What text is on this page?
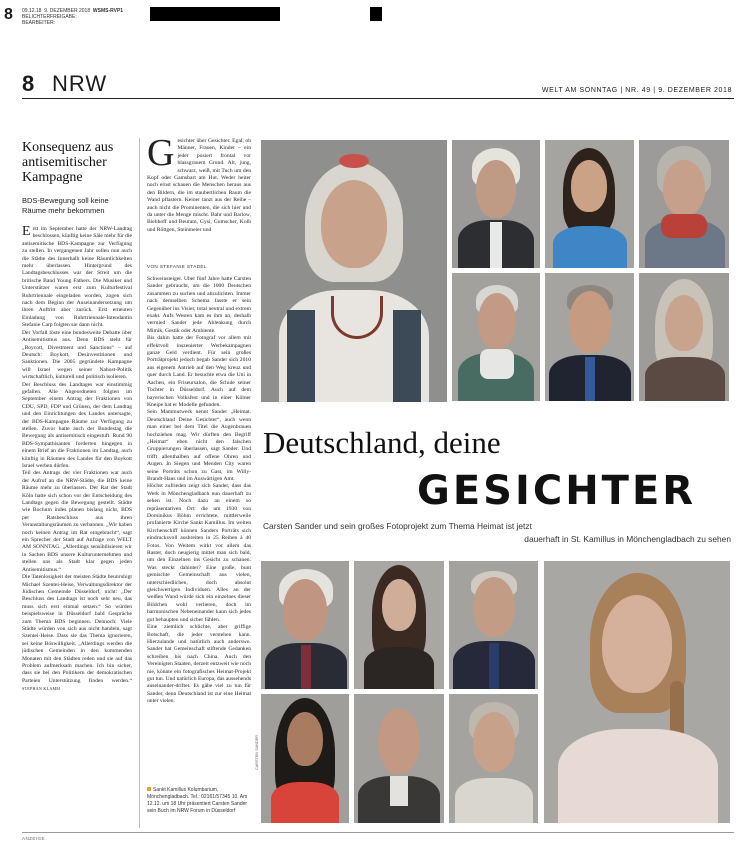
8 09.12.18 9. DEZEMBER 2018 WSMS-RVP1
BELICHTERFREIGABE:
BEARBEITER:
8 NRW	WELT AM SONNTAG | NR. 49 | 9. DEZEMBER 2018
Konsequenz aus antisemitischer Kampagne
BDS-Bewegung soll keine Räume mehr bekommen

Erst im September hatte der NRW-Landtag beschlossen, künftig keine Säle mehr für die antisemitische BDS-Kampagne zur Verfügung zu stellen. In vergangenen Jahr sollen nun auch die Städte des Innerhalb keine Räumlichkeiten mehr überlassen. Hintergrund des Landtagsbeschlusses war der Streit um die britische Band Young Fathers. Die Musiker und Unterstützer waren erst zum Kulturfestival Ruhrtriennale eingeladen worden, zogen sich nach dem Beginn der Auseinandersetzung um ihren Auftritt aber zurück. Erst erneuten Einladung von Ruhrtriennale-Intendantin Stefanie Carp folgten sie dann nicht.

Der Vorfall löste eine bundesweite Debatte über Antisemitismus aus. Denn BDS steht für „Boycott, Divestment und Sanctions“ – auf Deutsch: Boykott, Desinvestitionen und Sanktionen. Die 2005 gegründete Kampagne will Israel wegen seiner Nahost-Politik wirtschaftlich, kulturell und politisch isolieren.

Der Beschluss des Landtages war einstimmig gefallen. Alle Abgeordneten folgten im September einem Antrag der Fraktionen von CDU, SPD, FDP und Grünen, der dem Landtag und den Einrichtungen des Landes untersagte, der BDS-Kampagne Räume zur Verfügung zu stellen. Zuvor hatte auch der Bundestag die Bewegung als antisemitisch eingestuft. Rund 90 BDS-Sympathisanten forderten hingegen in einem Brief an die Fraktionen im Landtag, auch künftig in Räumen des Landes für den Boykott Israel werben dürfen.

Teil des Antrags der vier Fraktionen war auch der Aufruf an die NRW-Städte, die BDS keine Räume mehr zu überlassen. Der Rat der Stadt Köln hatte sich schon vor der Entscheidung des Landtags gegen die Bewegung gestellt. Städte wie Bochum indes planen bislang nicht, BDS per Ratsbeschluss aus ihren Veranstaltungsräumen zu verbannen. „Wir haben noch keinen Antrag im Rat eingebracht“, sagt ein Sprecher der Stadt auf Anfrage von WELT AM SONNTAG. „Allerdings sensibilisieren wir in Sachen BDS unsere Kulturunternehmen und stellen uns als Stadt klar gegen jeden Antisemitismus.“

Die Tatenlosigkeit der meisten Städte beunruhigt Michael Szentei-Heise, Verwaltungsdirektor der Jüdischen Gemeinde Düsseldorf, nicht: „Der Beschluss des Landtags ist noch sehr neu, das muss sich erst einmal setzen.“ So würden beispielsweise in Düsseldorf bald Gespräche zum Thema BDS beginnen. Dennoch: Viele Städte würden von sich aus nicht handeln, sagt Szentei-Heise. Dass sie das Thema ignorieren, sei keine Böswilligkeit. „Allerdings werden die jüdischen Gemeinden in den kommenden Monaten mit den Städten reden und sie auf das Problem aufmerksam machen. Ich bin sicher, dass sie bei den Politikern der demokratischen Parteien Unterstützung finden werden.“ STEPHAN KLAMM

Gesichter über Gesichter. Egal, ob Männer, Frauen, Kinder – ein jeder posiert frontal vor blassgrauem Grund. Alt, jung, schwarz, weiß, mit Tuch um den Kopf oder Gamsbart am Hut. Weder heiter noch ernst schauen die Menschen heraus aus den Bildern, die im staubertlichen Raum die Wand pflastern. Keiner tanzt aus der Reihe – auch nicht die Prominenten, die sich hier und da unter die Menge mischt. Bahr und Barlow, Biebhoff und Beuram, Gysi, Gumscher, Kolb und Röttgen, Steinmeier und
VON STEFANIE STADEL

Schweinsteiger. Über fünf Jahre hatte Carsten Sander gebraucht, um die 1000 Deutschen zusammen zu suchen und abzulichten. Immer nach demselben Schema fasste er sein Gegenüber ins Visier, total neutral und extrem exakt. Aufs Westen kam es ihm an, deshalb vermied Sander jede Ablenkung durch Mimik, Gestik oder Ambiente.

Bis dahin hatte der Fotograf vor allem mit effektvoll inszenierter Werbekampagnen ganze Geld verdient. Für sein großes Porträtprojekt jedoch begab Sander sich 2010 aus eigenem Antrieb auf den Weg kreuz und quer durch Land. Er besuchte etwa die Uni in Aachen, ein Friseursalon, die Schule seiner Tochter in Düsseldorf. Auch auf dem bayerischen Volksfest und in einer Kölner Kneipe hat er Modelle gefunden.

Sein Mammutwerk nennt Sander „Heimat. Deutschland Deine Gesichter“, auch wenn man einer bei dem Titel die Augenbrauen hochziehen mag. Wir dürften den Begriff „Heimat“ eben nicht den falschen Gruppierungen überlassen, sagt Sander. Und trifft allenthalben auf offene Ohren und Augen. In Siegen und Menden City waren seine Porträts schon zu Gast, im Willy-Brandt-Haus und im Auswärtigen Amt.

Höchst zufrieden zeigt sich Sander, dass das Werk in Mönchengladbach nun dauerhaft zu sehen ist. Noch dazu an einem so repräsentativen Ort: die um 1930 von Dominikus Böhm errichtete, mittlerweile profanierte Kirche Sankt Kamillus. Im weiten Kirchenschiff können Sanders Porträts sich eindrucksvoll ausbreiten in 25 Reihen à 40 Fotos. Von Weitem wirkt vor allem das Raster, doch neugierig mittet man sich bald, um den Einzelnen ins Gesicht zu schauen. Was steckt dahinter? Eine große, bunt gemischte Gemeinschaft aus vielen, unterschiedlichen, doch absolut gleichwertigen Individuen. Alles an der weißen Wand würde sich ein einzelnes dieser Bildchen wohl verlieren, doch im harmonischen Nebeneinander kann sich jedes gut behaupten und sicher fühlen.

Eine ziemlich schlichte, aber griffige Botschaft, die jeder verstehen kann. Hierzulande und natürlich auch anderswo. Sander hat Gemeinschaft stiftende Gedanken schreiben bis nach China. Auch den Vereinigten Staaten, derzeit entzweit wie noch nie, könnte ein fotografisches Heimat-Projekt gut tun. Und natürlich Europa, das aussehends auseinander-driftet. Es gäbe viel zu tun für Sander, denn Deutschland ist zur eine Heimat unter vielen.

Sankt Kamillus Kolumbarium, Mönchengladbach. Tel.: 02161/57345 10. Am 12.12. um 18 Uhr präsentiert Carsten Sander sein Buch im NRW Forum in Düsseldorf
Deutschland, deine
GESICHTER
Carsten Sander und sein großes Fotoprojekt zum Thema Heimat ist jetzt
dauerhaft in St. Kamillus in Mönchengladbach zu sehen
CARSTEN SANDER
ANZEIGE
